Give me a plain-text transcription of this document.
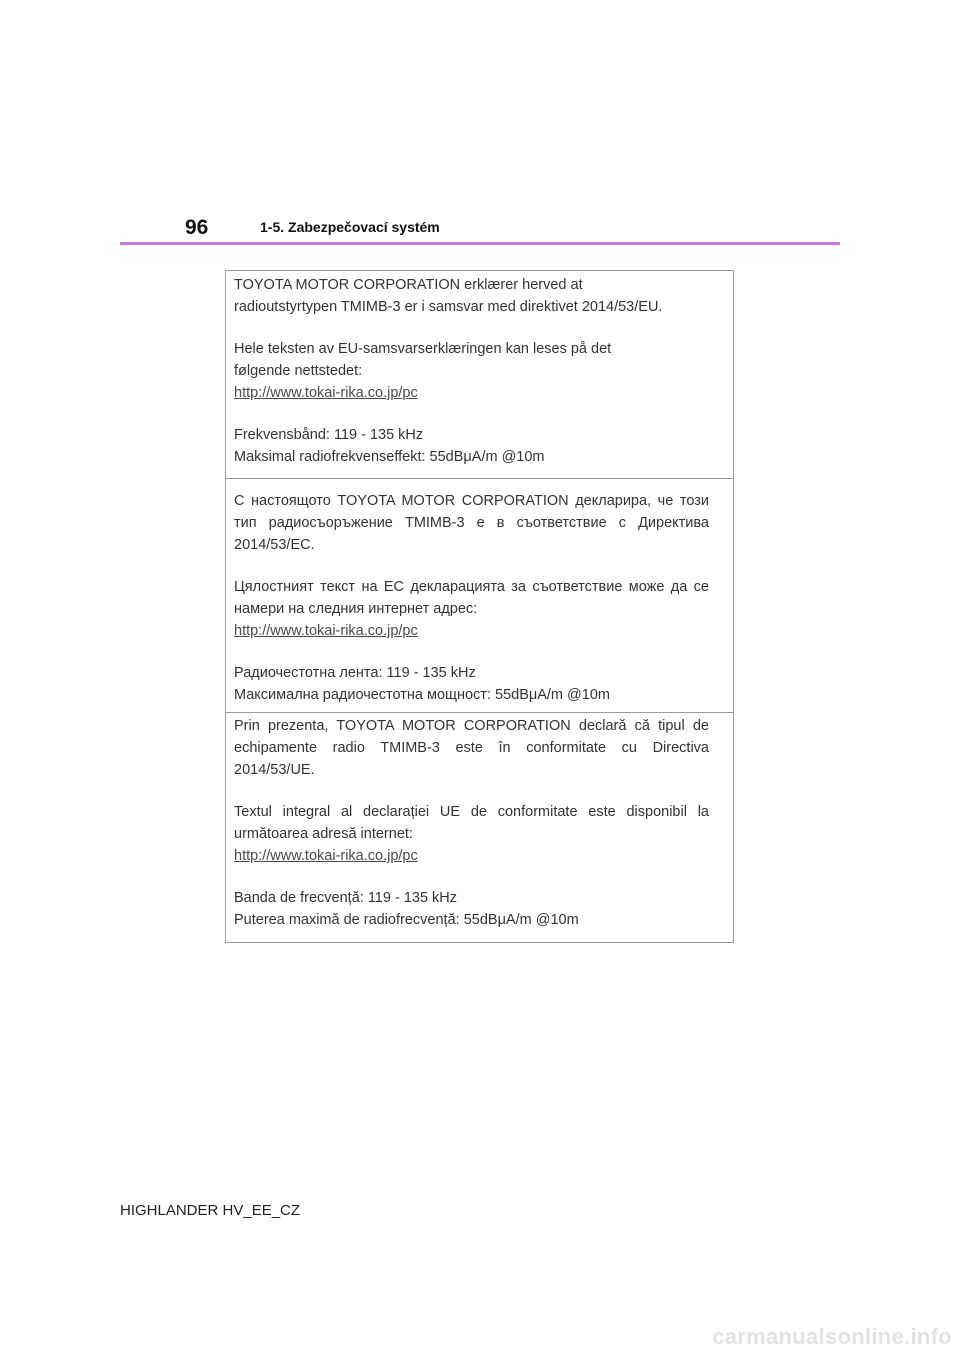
96	1-5. Zabezpečovací systém

TOYOTA MOTOR CORPORATION erklærer herved at

radioutstyrtypen TMIMB-3 er i samsvar med direktivet 2014/53/EU.

Hele teksten av EU-samsvarserklæringen kan leses på det følgende nettstedet:

http://www.tokai-rika.co.jp/pc

Frekvensbånd: 119 - 135 kHz

Maksimal radiofrekvenseffekt: 55dBμA/m @10m

С настоящото TOYOTA MOTOR CORPORATION декларира, че този тип радиосъоръжение TMIMB-3 е в съответствие с Директива 2014/53/ЕС.

Цялостният текст на ЕС декларацията за съответствие може да се намери на следния интернет адрес:

http://www.tokai-rika.co.jp/pc

Радиочестотна лента: 119 - 135 kHz

Максимална радиочестотна мощност: 55dBμA/m @10m

Prin prezenta, TOYOTA MOTOR CORPORATION declară că tipul de echipamente radio TMIMB-3 este în conformitate cu Directiva 2014/53/UE.

Textul integral al declarației UE de conformitate este disponibil la următoarea adresă internet:

http://www.tokai-rika.co.jp/pc

Banda de frecvență: 119 - 135 kHz

Puterea maximă de radiofrecvență: 55dBμA/m @10m

HIGHLANDER HV_EE_CZ
carmanualsonline.info
